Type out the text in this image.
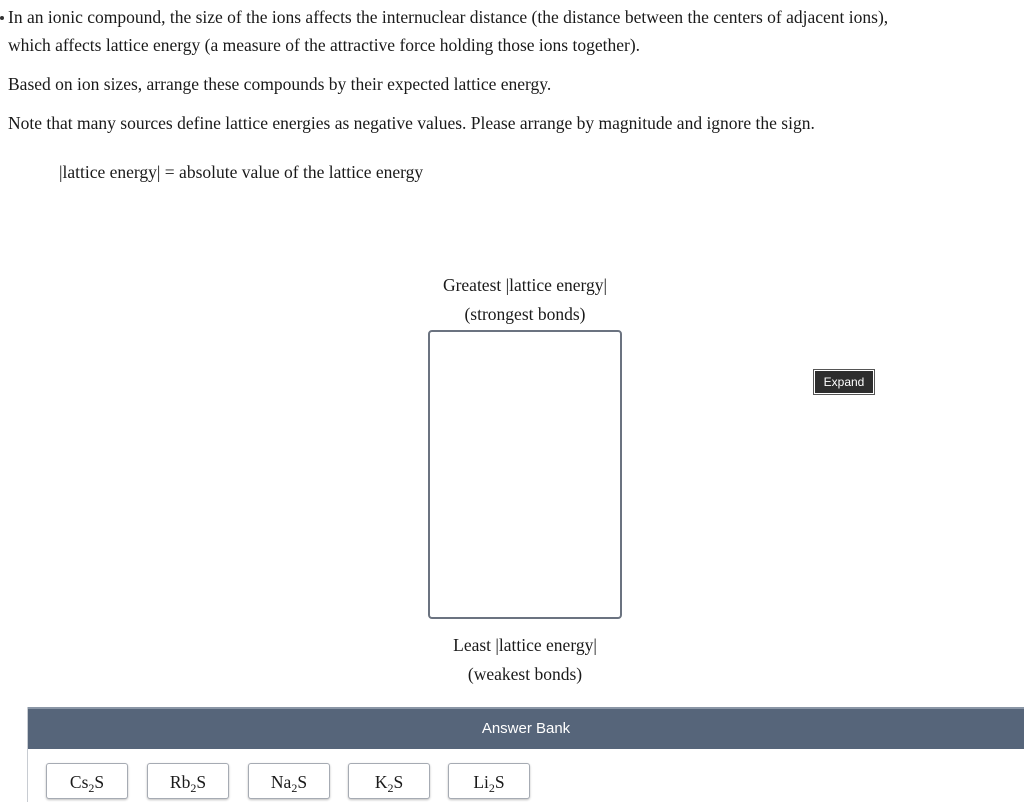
In an ionic compound, the size of the ions affects the internuclear distance (the distance between the centers of adjacent ions),
which affects lattice energy (a measure of the attractive force holding those ions together).

Based on ion sizes, arrange these compounds by their expected lattice energy.

Note that many sources define lattice energies as negative values. Please arrange by magnitude and ignore the sign.

|lattice energy| = absolute value of the lattice energy
Greatest |lattice energy|
(strongest bonds)
Least |lattice energy|
(weakest bonds)
Expand
Answer Bank
$Cs_2S$	$Rb_2S$	$Na_2S$	$K_2S$	$Li_2S$
